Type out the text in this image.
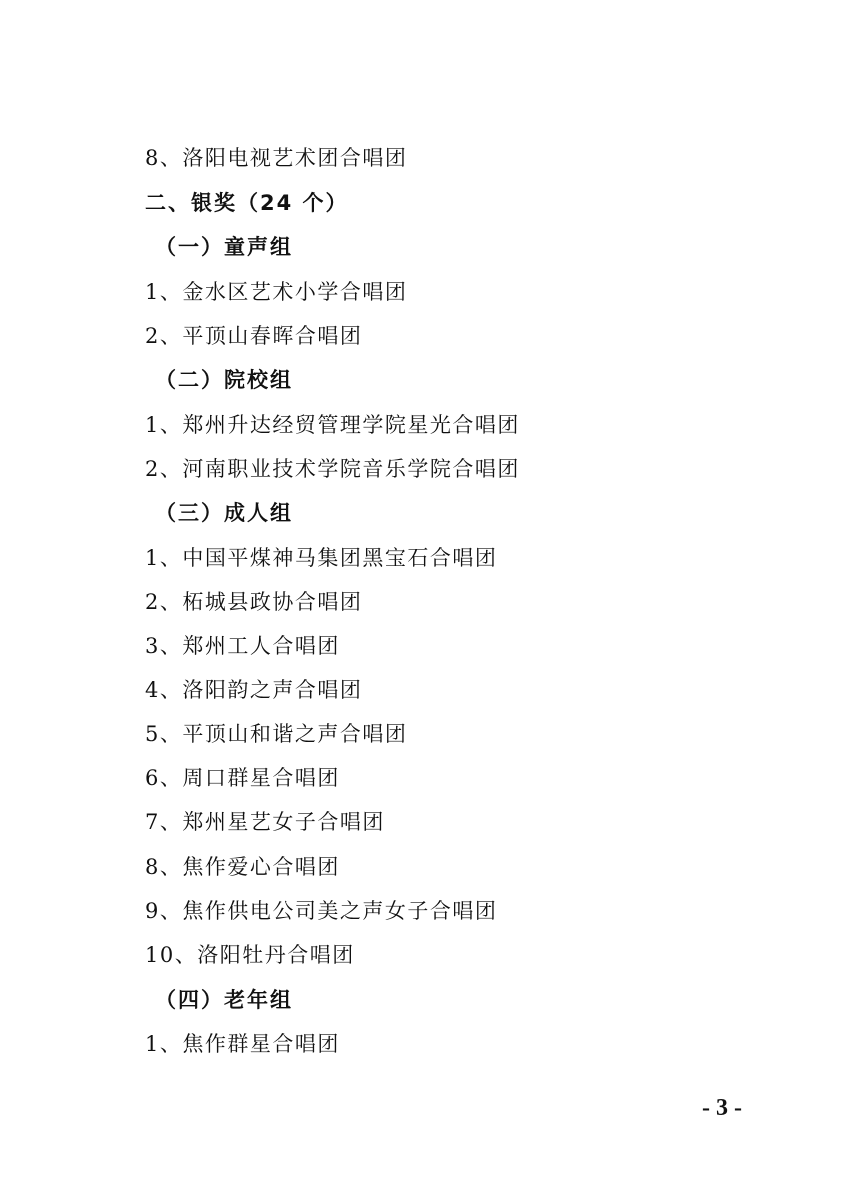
8、洛阳电视艺术团合唱团
二、银奖（24 个）
（一）童声组
1、金水区艺术小学合唱团
2、平顶山春晖合唱团
（二）院校组
1、郑州升达经贸管理学院星光合唱团
2、河南职业技术学院音乐学院合唱团
（三）成人组
1、中国平煤神马集团黑宝石合唱团
2、柘城县政协合唱团
3、郑州工人合唱团
4、洛阳韵之声合唱团
5、平顶山和谐之声合唱团
6、周口群星合唱团
7、郑州星艺女子合唱团
8、焦作爱心合唱团
9、焦作供电公司美之声女子合唱团
10、洛阳牡丹合唱团
（四）老年组
1、焦作群星合唱团
- 3 -
